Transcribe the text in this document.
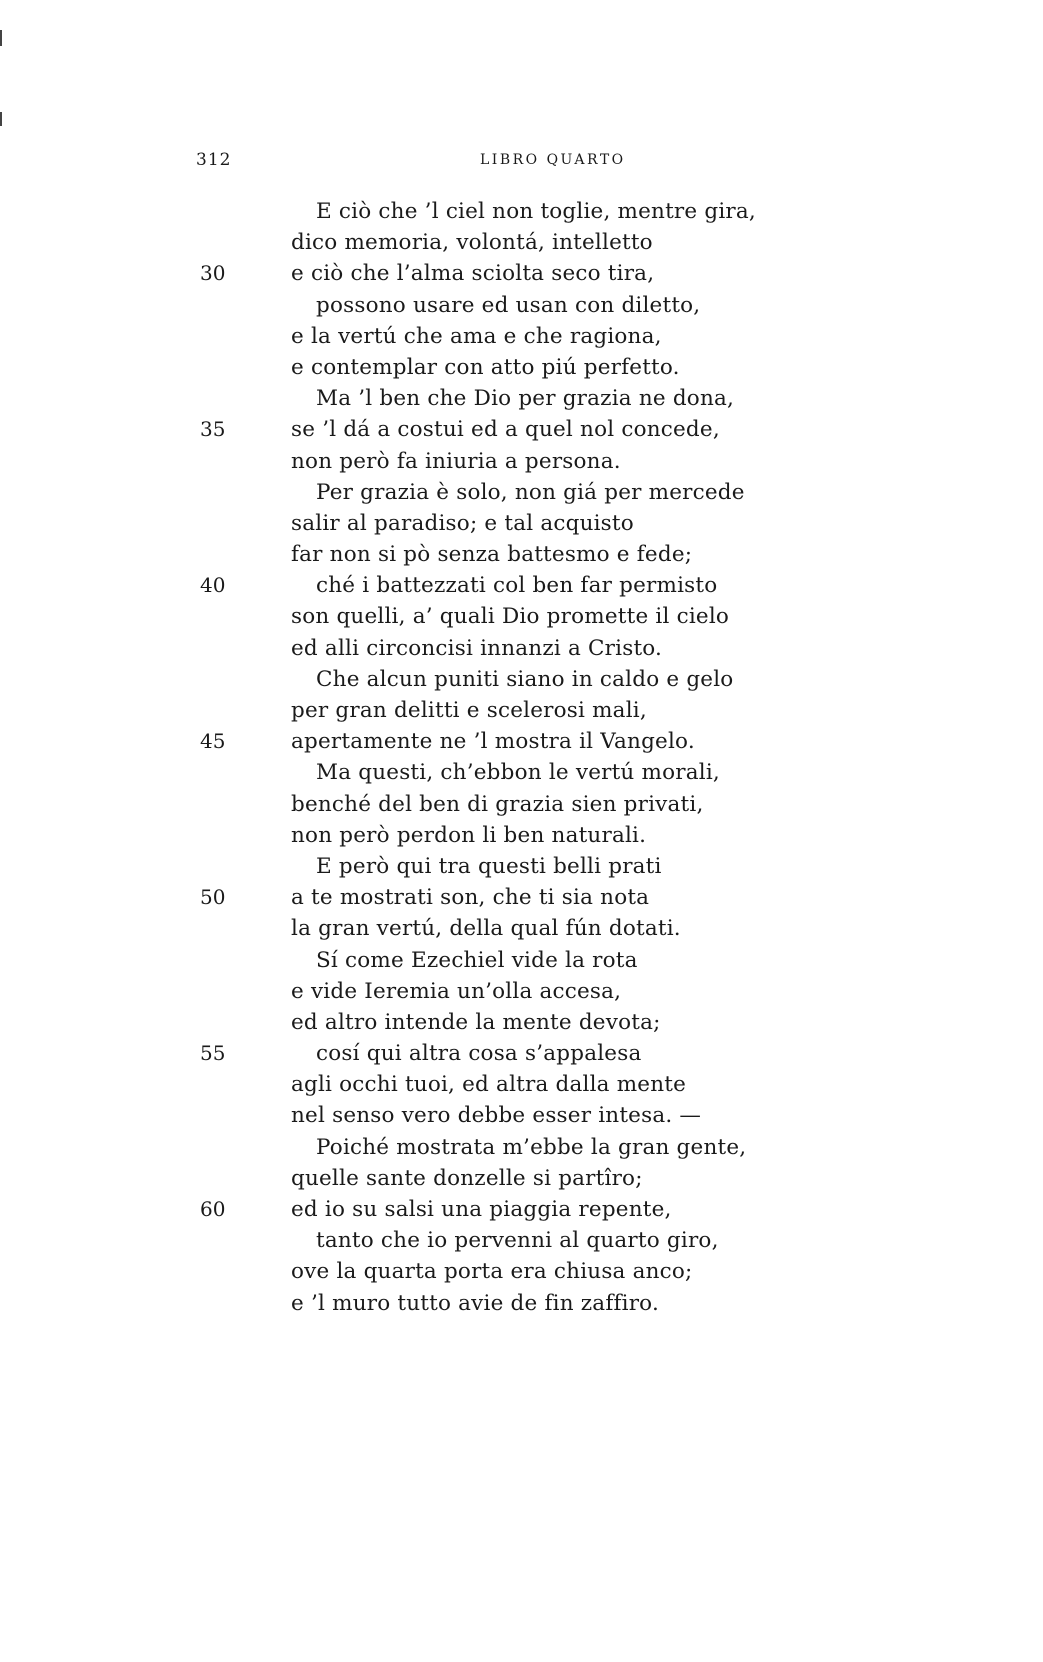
312	LIBRO QUARTO
E ciò che ’l ciel non toglie, mentre gira,
dico memoria, volontá, intelletto
30	e ciò che l’alma sciolta seco tira,
possono usare ed usan con diletto,
e la vertú che ama e che ragiona,
e contemplar con atto piú perfetto.
Ma ’l ben che Dio per grazia ne dona,
35	se ’l dá a costui ed a quel nol concede,
non però fa iniuria a persona.
Per grazia è solo, non giá per mercede
salir al paradiso; e tal acquisto
far non si pò senza battesmo e fede;
40	ché i battezzati col ben far permisto
son quelli, a’ quali Dio promette il cielo
ed alli circoncisi innanzi a Cristo.
Che alcun puniti siano in caldo e gelo
per gran delitti e scelerosi mali,
45	apertamente ne ’l mostra il Vangelo.
Ma questi, ch’ebbon le vertú morali,
benché del ben di grazia sien privati,
non però perdon li ben naturali.
E però qui tra questi belli prati
50	a te mostrati son, che ti sia nota
la gran vertú, della qual fún dotati.
Sí come Ezechiel vide la rota
e vide Ieremia un’olla accesa,
ed altro intende la mente devota;
55	cosí qui altra cosa s’appalesa
agli occhi tuoi, ed altra dalla mente
nel senso vero debbe esser intesa. —
Poiché mostrata m’ebbe la gran gente,
quelle sante donzelle si partîro;
60	ed io su salsi una piaggia repente,
tanto che io pervenni al quarto giro,
ove la quarta porta era chiusa anco;
e ’l muro tutto avie de fin zaffiro.
